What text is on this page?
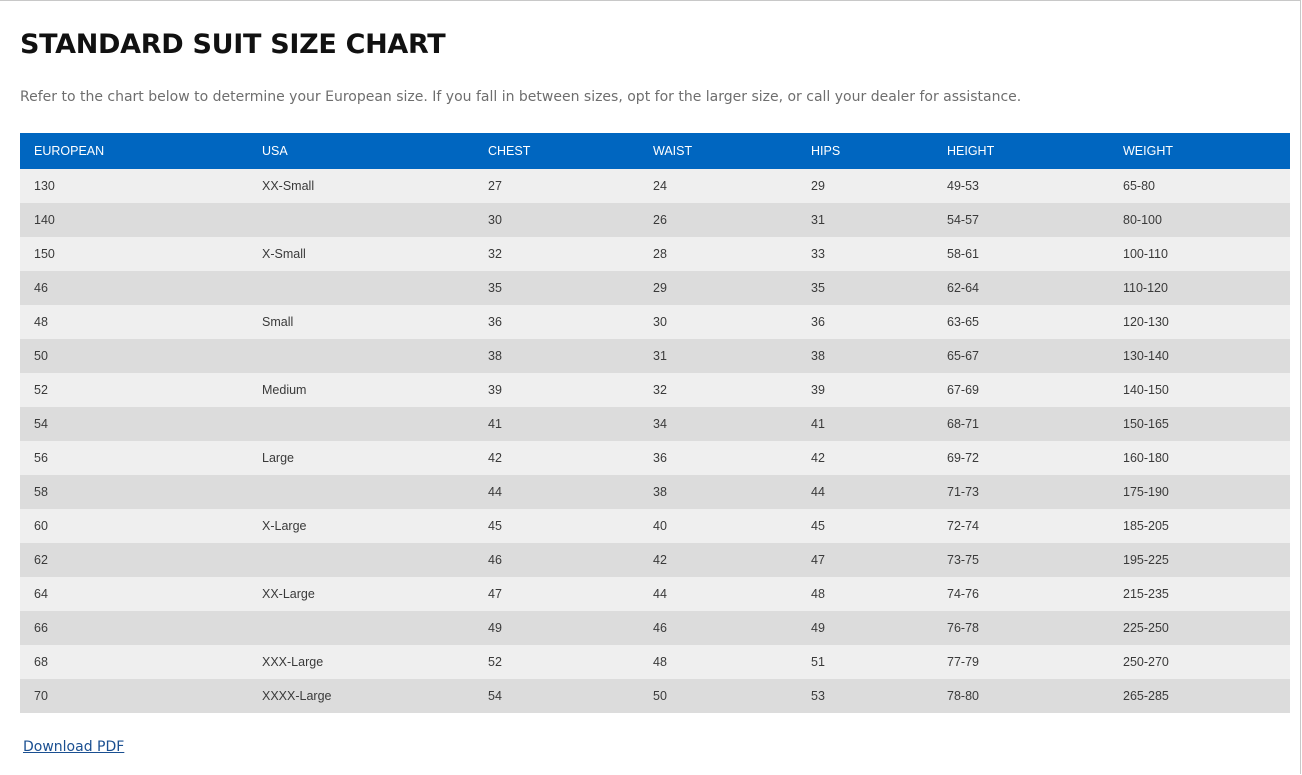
STANDARD SUIT SIZE CHART

Refer to the chart below to determine your European size. If you fall in between sizes, opt for the larger size, or call your dealer for assistance.

EUROPEAN	USA	CHEST	WAIST	HIPS	HEIGHT	WEIGHT
130	XX-Small	27	24	29	49-53	65-80
140		30	26	31	54-57	80-100
150	X-Small	32	28	33	58-61	100-110
46		35	29	35	62-64	110-120
48	Small	36	30	36	63-65	120-130
50		38	31	38	65-67	130-140
52	Medium	39	32	39	67-69	140-150
54		41	34	41	68-71	150-165
56	Large	42	36	42	69-72	160-180
58		44	38	44	71-73	175-190
60	X-Large	45	40	45	72-74	185-205
62		46	42	47	73-75	195-225
64	XX-Large	47	44	48	74-76	215-235
66		49	46	49	76-78	225-250
68	XXX-Large	52	48	51	77-79	250-270
70	XXXX-Large	54	50	53	78-80	265-285
Download PDF
